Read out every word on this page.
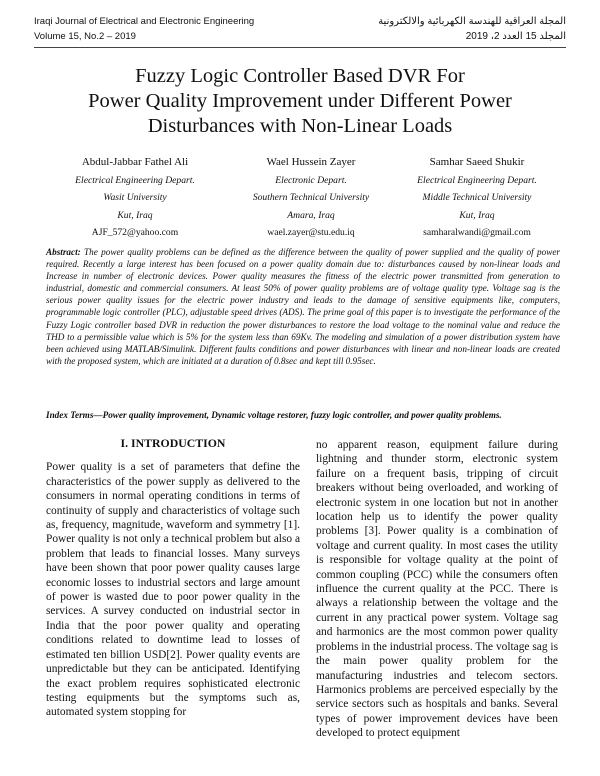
Iraqi Journal of Electrical and Electronic Engineering
Volume 15, No.2 – 2019
المجلة العراقية للهندسة الكهربائية والالكترونية
المجلد 15 العدد 2، 2019
Fuzzy Logic Controller Based DVR For
Power Quality Improvement under Different Power
Disturbances with Non-Linear Loads
Abdul-Jabbar Fathel Ali
Electrical Engineering Depart.
Wasit University
Kut, Iraq
AJF_572@yahoo.com
Wael Hussein Zayer
Electronic Depart.
Southern Technical University
Amara, Iraq
wael.zayer@stu.edu.iq
Samhar Saeed Shukir
Electrical Engineering Depart.
Middle Technical University
Kut, Iraq
samharalwandi@gmail.com
Abstract: The power quality problems can be defined as the difference between the quality of power supplied and the quality of power required. Recently a large interest has been focused on a power quality domain due to: disturbances caused by non-linear loads and Increase in number of electronic devices. Power quality measures the fitness of the electric power transmitted from generation to industrial, domestic and commercial consumers. At least 50% of power quality problems are of voltage quality type. Voltage sag is the serious power quality issues for the electric power industry and leads to the damage of sensitive equipments like, computers, programmable logic controller (PLC), adjustable speed drives (ADS). The prime goal of this paper is to investigate the performance of the Fuzzy Logic controller based DVR in reduction the power disturbances to restore the load voltage to the nominal value and reduce the THD to a permissible value which is 5% for the system less than 69Kv. The modeling and simulation of a power distribution system have been achieved using MATLAB/Simulink. Different faults conditions and power disturbances with linear and non-linear loads are created with the proposed system, which are initiated at a duration of 0.8sec and kept till 0.95sec.
Index Terms—Power quality improvement, Dynamic voltage restorer, fuzzy logic controller, and power quality problems.
I. INTRODUCTION

Power quality is a set of parameters that define the characteristics of the power supply as delivered to the consumers in normal operating conditions in terms of continuity of supply and characteristics of voltage such as, frequency, magnitude, waveform and symmetry [1]. Power quality is not only a technical problem but also a problem that leads to financial losses. Many surveys have been shown that poor power quality causes large economic losses to industrial sectors and large amount of power is wasted due to poor power quality in the services. A survey conducted on industrial sector in India that the poor power quality and operating conditions related to downtime lead to losses of estimated ten billion USD[2]. Power quality events are unpredictable but they can be anticipated. Identifying the exact problem requires sophisticated electronic testing equipments but the symptoms such as, automated system stopping for

no apparent reason, equipment failure during lightning and thunder storm, electronic system failure on a frequent basis, tripping of circuit breakers without being overloaded, and working of electronic system in one location but not in another location help us to identify the power quality problems [3]. Power quality is a combination of voltage and current quality. In most cases the utility is responsible for voltage quality at the point of common coupling (PCC) while the consumers often influence the current quality at the PCC. There is always a relationship between the voltage and the current in any practical power system. Voltage sag and harmonics are the most common power quality problems in the industrial process. The voltage sag is the main power quality problem for the manufacturing industries and telecom sectors. Harmonics problems are perceived especially by the service sectors such as hospitals and banks. Several types of power improvement devices have been developed to protect equipment
